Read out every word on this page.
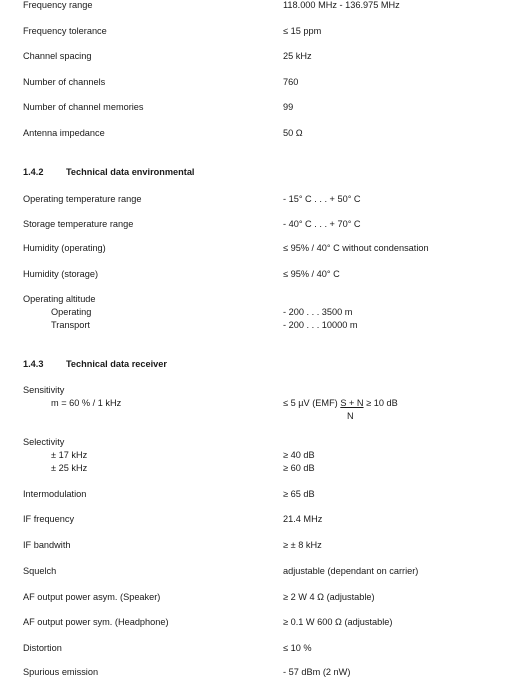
Frequency range	118.000 MHz - 136.975 MHz
Frequency tolerance	≤ 15 ppm
Channel spacing	25 kHz
Number of channels	760
Number of channel memories	99
Antenna impedance	50 Ω
1.4.2 Technical data environmental
Operating temperature range	- 15° C . . . + 50° C
Storage temperature range	- 40° C . . . + 70° C
Humidity (operating)	≤ 95% / 40° C without condensation
Humidity (storage)	≤ 95% / 40° C
Operating altitude
Operating	- 200 . . . 3500 m
Transport	- 200 . . . 10000 m
1.4.3 Technical data receiver
Sensitivity
m = 60 % / 1 kHz	≤ 5 µV (EMF) S + N ≥ 10 dB
N
Selectivity
± 17 kHz	≥ 40 dB
± 25 kHz	≥ 60 dB
Intermodulation	≥ 65 dB
IF frequency	21.4 MHz
IF bandwith	≥ ± 8 kHz
Squelch	adjustable (dependant on carrier)
AF output power asym. (Speaker)	≥ 2 W 4 Ω (adjustable)
AF output power sym. (Headphone)	≥ 0.1 W 600 Ω (adjustable)
Distortion	≤ 10 %
Spurious emission	- 57 dBm (2 nW)
